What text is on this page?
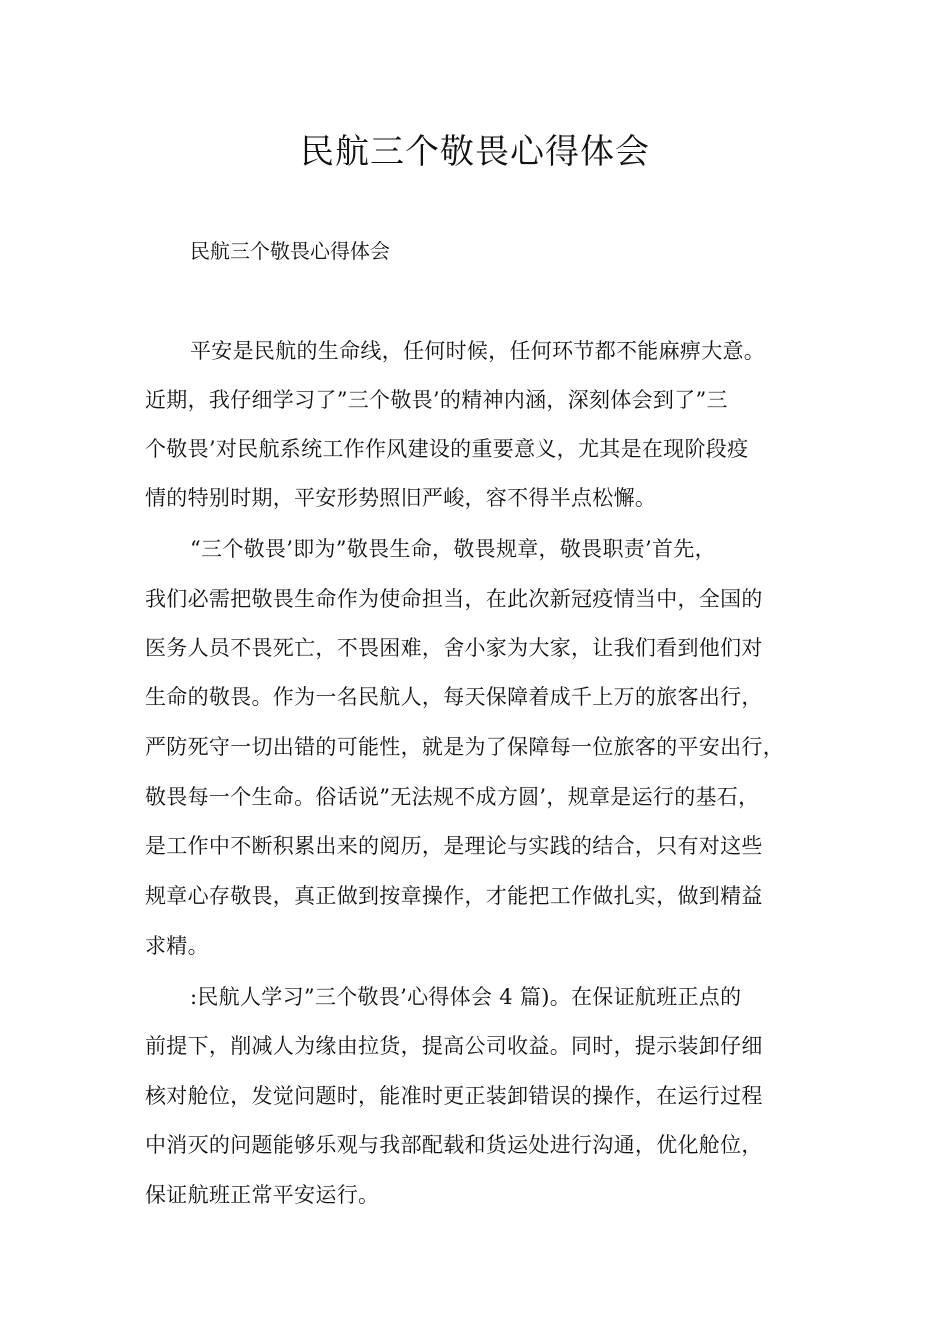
民航三个敬畏心得体会
民航三个敬畏心得体会
平安是民航的生命线，任何时候，任何环节都不能麻痹大意。
近期，我仔细学习了”三个敬畏’的精神内涵，深刻体会到了”三
个敬畏’对民航系统工作作风建设的重要意义，尤其是在现阶段疫
情的特别时期，平安形势照旧严峻，容不得半点松懈。
“三个敬畏’即为”敬畏生命，敬畏规章，敬畏职责’首先，
我们必需把敬畏生命作为使命担当，在此次新冠疫情当中，全国的
医务人员不畏死亡，不畏困难，舍小家为大家，让我们看到他们对
生命的敬畏。作为一名民航人，每天保障着成千上万的旅客出行，
严防死守一切出错的可能性，就是为了保障每一位旅客的平安出行，
敬畏每一个生命。俗话说”无法规不成方圆’，规章是运行的基石，
是工作中不断积累出来的阅历，是理论与实践的结合，只有对这些
规章心存敬畏，真正做到按章操作，才能把工作做扎实，做到精益
求精。
:民航人学习”三个敬畏’心得体会 4 篇)。在保证航班正点的
前提下，削减人为缘由拉货，提高公司收益。同时，提示装卸仔细
核对舱位，发觉问题时，能准时更正装卸错误的操作，在运行过程
中消灭的问题能够乐观与我部配载和货运处进行沟通，优化舱位，
保证航班正常平安运行。
